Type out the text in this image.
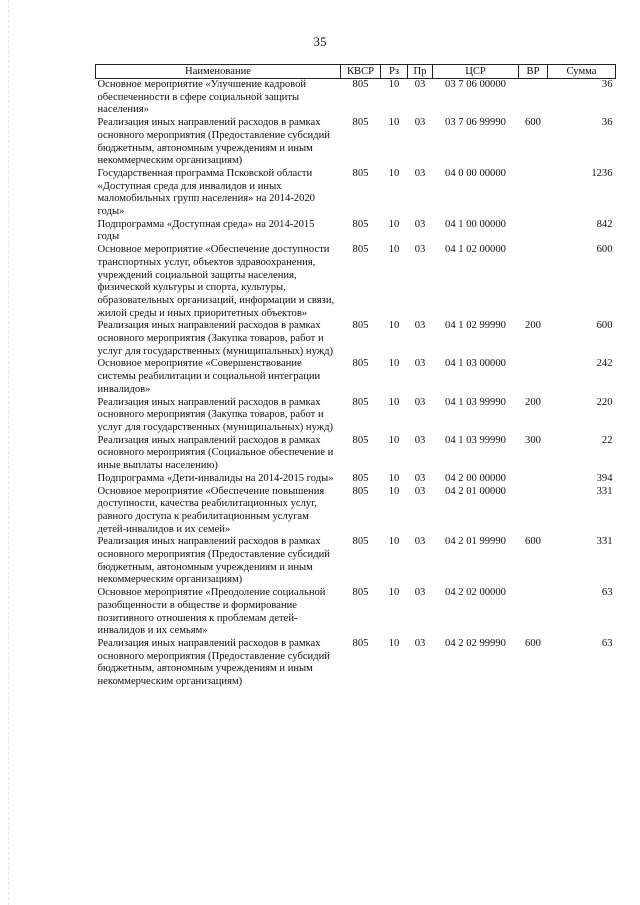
35
Наименование	КВСР	Рз	Пр	ЦСР	ВР	Сумма
Основное мероприятие «Улучшение кадровой обеспеченности в сфере социальной защиты населения»	805	10	03	03 7 06 00000		36
Реализация иных направлений расходов в рамках основного мероприятия (Предоставление субсидий бюджетным, автономным учреждениям и иным некоммерческим организациям)	805	10	03	03 7 06 99990	600	36
Государственная программа Псковской области «Доступная среда для инвалидов и иных маломобильных групп населения» на 2014-2020 годы»	805	10	03	04 0 00 00000		1236
Подпрограмма «Доступная среда» на 2014-2015 годы	805	10	03	04 1 00 00000		842
Основное мероприятие «Обеспечение доступности транспортных услуг, объектов здравоохранения, учреждений социальной защиты населения, физической культуры и спорта, культуры, образовательных организаций, информации и связи, жилой среды и иных приоритетных объектов»	805	10	03	04 1 02 00000		600
Реализация иных направлений расходов в рамках основного мероприятия (Закупка товаров, работ и услуг для государственных (муниципальных) нужд)	805	10	03	04 1 02 99990	200	600
Основное мероприятие «Совершенствование системы реабилитации и социальной интеграции инвалидов»	805	10	03	04 1 03 00000		242
Реализация иных направлений расходов в рамках основного мероприятия (Закупка товаров, работ и услуг для государственных (муниципальных) нужд)	805	10	03	04 1 03 99990	200	220
Реализация иных направлений расходов в рамках основного мероприятия (Социальное обеспечение и иные выплаты населению)	805	10	03	04 1 03 99990	300	22
Подпрограмма «Дети-инвалиды на 2014-2015 годы»	805	10	03	04 2 00 00000		394
Основное мероприятие «Обеспечение повышения доступности, качества реабилитационных услуг, равного доступа к реабилитационным услугам детей-инвалидов и их семей»	805	10	03	04 2 01 00000		331
Реализация иных направлений расходов в рамках основного мероприятия (Предоставление субсидий бюджетным, автономным учреждениям и иным некоммерческим организациям)	805	10	03	04 2 01 99990	600	331
Основное мероприятие «Преодоление социальной разобщенности в обществе и формирование позитивного отношения к проблемам детей-инвалидов и их семьям»	805	10	03	04 2 02 00000		63
Реализация иных направлений расходов в рамках основного мероприятия (Предоставление субсидий бюджетным, автономным учреждениям и иным некоммерческим организациям)	805	10	03	04 2 02 99990	600	63
